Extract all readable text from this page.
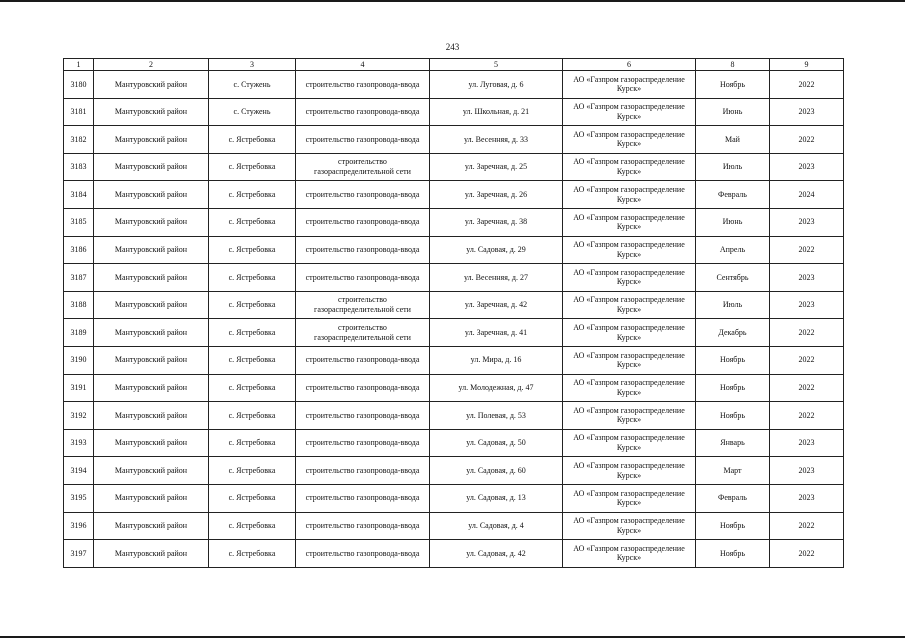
243
1	2	3	4	5	6	8	9
3180	Мантуровский район	с. Стужень	строительство газопровода-ввода	ул. Луговая, д. 6	АО «Газпром газораспределение Курск»	Ноябрь	2022
3181	Мантуровский район	с. Стужень	строительство газопровода-ввода	ул. Школьная, д. 21	АО «Газпром газораспределение Курск»	Июнь	2023
3182	Мантуровский район	с. Ястребовка	строительство газопровода-ввода	ул. Весенняя, д. 33	АО «Газпром газораспределение Курск»	Май	2022
3183	Мантуровский район	с. Ястребовка	строительство газораспределительной сети	ул. Заречная, д. 25	АО «Газпром газораспределение Курск»	Июль	2023
3184	Мантуровский район	с. Ястребовка	строительство газопровода-ввода	ул. Заречная, д. 26	АО «Газпром газораспределение Курск»	Февраль	2024
3185	Мантуровский район	с. Ястребовка	строительство газопровода-ввода	ул. Заречная, д. 38	АО «Газпром газораспределение Курск»	Июнь	2023
3186	Мантуровский район	с. Ястребовка	строительство газопровода-ввода	ул. Садовая, д. 29	АО «Газпром газораспределение Курск»	Апрель	2022
3187	Мантуровский район	с. Ястребовка	строительство газопровода-ввода	ул. Весенняя, д. 27	АО «Газпром газораспределение Курск»	Сентябрь	2023
3188	Мантуровский район	с. Ястребовка	строительство газораспределительной сети	ул. Заречная, д. 42	АО «Газпром газораспределение Курск»	Июль	2023
3189	Мантуровский район	с. Ястребовка	строительство газораспределительной сети	ул. Заречная, д. 41	АО «Газпром газораспределение Курск»	Декабрь	2022
3190	Мантуровский район	с. Ястребовка	строительство газопровода-ввода	ул. Мира, д. 16	АО «Газпром газораспределение Курск»	Ноябрь	2022
3191	Мантуровский район	с. Ястребовка	строительство газопровода-ввода	ул. Молодежная, д. 47	АО «Газпром газораспределение Курск»	Ноябрь	2022
3192	Мантуровский район	с. Ястребовка	строительство газопровода-ввода	ул. Полевая, д. 53	АО «Газпром газораспределение Курск»	Ноябрь	2022
3193	Мантуровский район	с. Ястребовка	строительство газопровода-ввода	ул. Садовая, д. 50	АО «Газпром газораспределение Курск»	Январь	2023
3194	Мантуровский район	с. Ястребовка	строительство газопровода-ввода	ул. Садовая, д. 60	АО «Газпром газораспределение Курск»	Март	2023
3195	Мантуровский район	с. Ястребовка	строительство газопровода-ввода	ул. Садовая, д. 13	АО «Газпром газораспределение Курск»	Февраль	2023
3196	Мантуровский район	с. Ястребовка	строительство газопровода-ввода	ул. Садовая, д. 4	АО «Газпром газораспределение Курск»	Ноябрь	2022
3197	Мантуровский район	с. Ястребовка	строительство газопровода-ввода	ул. Садовая, д. 42	АО «Газпром газораспределение Курск»	Ноябрь	2022
